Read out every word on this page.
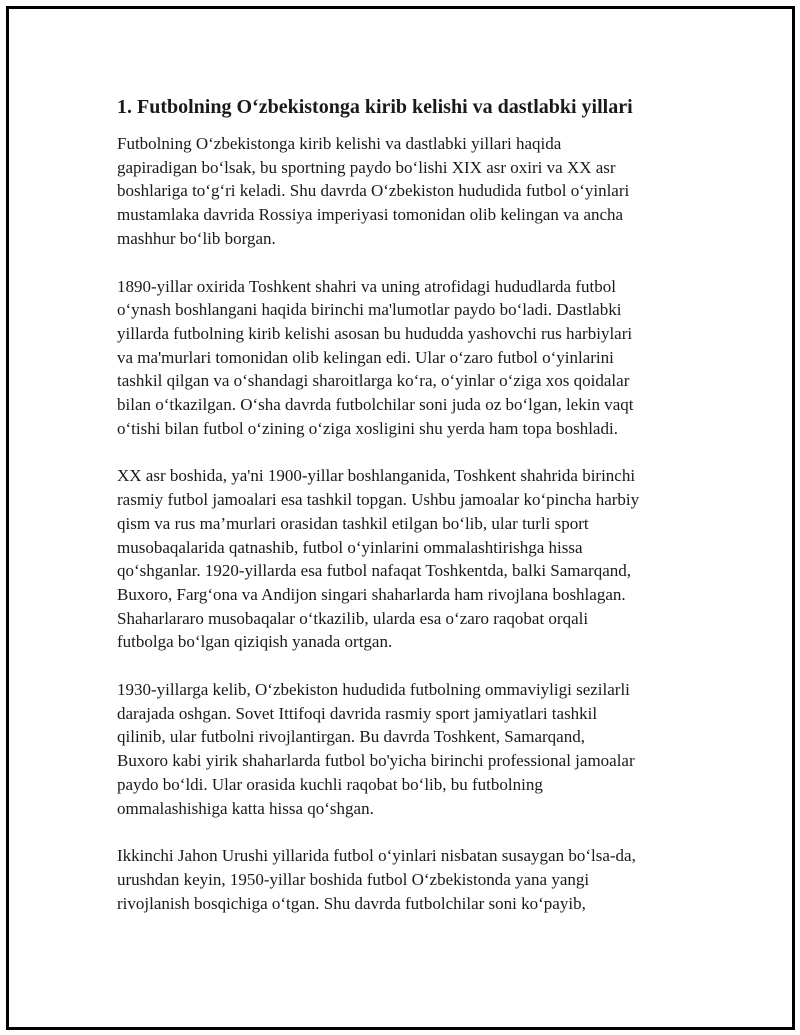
1. Futbolning O‘zbekistonga kirib kelishi va dastlabki yillari

Futbolning O‘zbekistonga kirib kelishi va dastlabki yillari haqida
gapiradigan bo‘lsak, bu sportning paydo bo‘lishi XIX asr oxiri va XX asr
boshlariga to‘g‘ri keladi. Shu davrda O‘zbekiston hududida futbol o‘yinlari
mustamlaka davrida Rossiya imperiyasi tomonidan olib kelingan va ancha
mashhur bo‘lib borgan.

1890-yillar oxirida Toshkent shahri va uning atrofidagi hududlarda futbol
o‘ynash boshlangani haqida birinchi ma'lumotlar paydo bo‘ladi. Dastlabki
yillarda futbolning kirib kelishi asosan bu hududda yashovchi rus harbiylari
va ma'murlari tomonidan olib kelingan edi. Ular o‘zaro futbol o‘yinlarini
tashkil qilgan va o‘shandagi sharoitlarga ko‘ra, o‘yinlar o‘ziga xos qoidalar
bilan o‘tkazilgan. O‘sha davrda futbolchilar soni juda oz bo‘lgan, lekin vaqt
o‘tishi bilan futbol o‘zining o‘ziga xosligini shu yerda ham topa boshladi.

XX asr boshida, ya'ni 1900-yillar boshlanganida, Toshkent shahrida birinchi
rasmiy futbol jamoalari esa tashkil topgan. Ushbu jamoalar ko‘pincha harbiy
qism va rus ma’murlari orasidan tashkil etilgan bo‘lib, ular turli sport
musobaqalarida qatnashib, futbol o‘yinlarini ommalashtirishga hissa
qo‘shganlar. 1920-yillarda esa futbol nafaqat Toshkentda, balki Samarqand,
Buxoro, Farg‘ona va Andijon singari shaharlarda ham rivojlana boshlagan.
Shaharlararo musobaqalar o‘tkazilib, ularda esa o‘zaro raqobat orqali
futbolga bo‘lgan qiziqish yanada ortgan.

1930-yillarga kelib, O‘zbekiston hududida futbolning ommaviyligi sezilarli
darajada oshgan. Sovet Ittifoqi davrida rasmiy sport jamiyatlari tashkil
qilinib, ular futbolni rivojlantirgan. Bu davrda Toshkent, Samarqand,
Buxoro kabi yirik shaharlarda futbol bo'yicha birinchi professional jamoalar
paydo bo‘ldi. Ular orasida kuchli raqobat bo‘lib, bu futbolning
ommalashishiga katta hissa qo‘shgan.

Ikkinchi Jahon Urushi yillarida futbol o‘yinlari nisbatan susaygan bo‘lsa-da,
urushdan keyin, 1950-yillar boshida futbol O‘zbekistonda yana yangi
rivojlanish bosqichiga o‘tgan. Shu davrda futbolchilar soni ko‘payib,
